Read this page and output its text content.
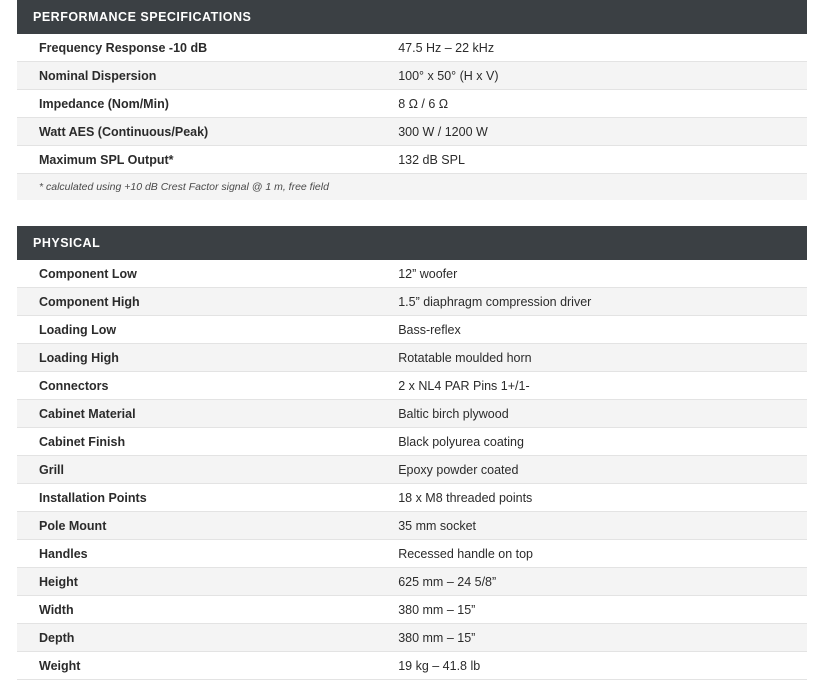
PERFORMANCE SPECIFICATIONS
Frequency Response -10 dB	47.5 Hz – 22 kHz
Nominal Dispersion	100° x 50° (H x V)
Impedance (Nom/Min)	8 Ω / 6 Ω
Watt AES (Continuous/Peak)	300 W / 1200 W
Maximum SPL Output*	132 dB SPL
* calculated using +10 dB Crest Factor signal @ 1 m, free field
PHYSICAL
Component Low	12” woofer
Component High	1.5” diaphragm compression driver
Loading Low	Bass-reflex
Loading High	Rotatable moulded horn
Connectors	2 x NL4 PAR Pins 1+/1-
Cabinet Material	Baltic birch plywood
Cabinet Finish	Black polyurea coating
Grill	Epoxy powder coated
Installation Points	18 x M8 threaded points
Pole Mount	35 mm socket
Handles	Recessed handle on top
Height	625 mm – 24 5/8”
Width	380 mm – 15”
Depth	380 mm – 15”
Weight	19 kg – 41.8 lb
